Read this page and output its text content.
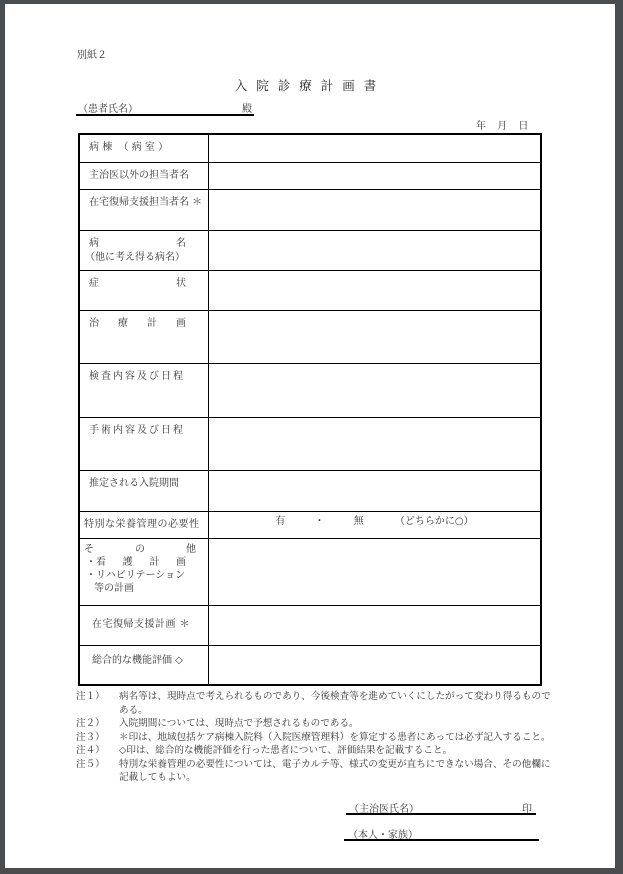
別紙２
入院診療計画書
（患者氏名）	殿
年 月 日
病 棟 （ 病 室 ）	

主治医以外の担当者名	

在宅復帰支援担当者名 ＊	

病 名
（他に考え得る病名）	

症 状	

治 療 計 画	

検査内容及び日程	

手術内容及び日程	

推定される入院期間	

特別な栄養管理の必要性	有 ・ 無 （どちらかに○）

そ	の	他
・看 護 計 画
・リハビリテーション
等の計画

在宅復帰支援計画 ＊	

総合的な機能評価 ◇	

注１）	病名等は、現時点で考えられるものであり、今後検査等を進めていくにしたがって変わり得るものである。
注２）	入院期間については、現時点で予想されるものである。
注３）	＊印は、地域包括ケア病棟入院料（入院医療管理料）を算定する患者にあっては必ず記入すること。
注４）	◇印は、総合的な機能評価を行った患者について、評価結果を記載すること。
注５）	特別な栄養管理の必要性については、電子カルテ等、様式の変更が直ちにできない場合、その他欄に記載してもよい。
（主治医氏名）	印
（本人・家族）
